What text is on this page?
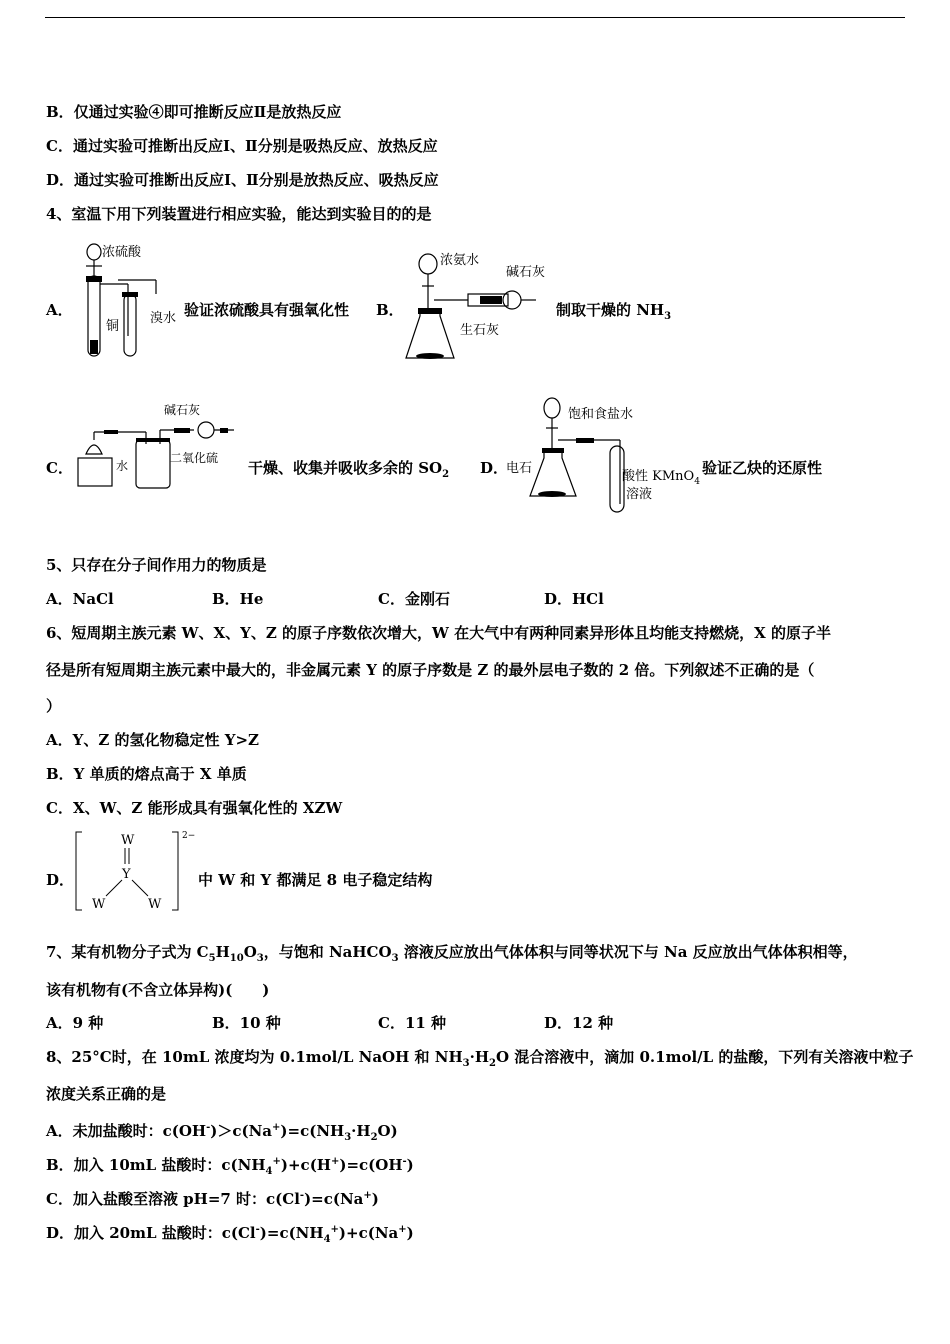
B．仅通过实验④即可推断反应Ⅱ是放热反应
C．通过实验可推断出反应Ⅰ、Ⅱ分别是吸热反应、放热反应
D．通过实验可推断出反应Ⅰ、Ⅱ分别是放热反应、吸热反应
4、室温下用下列装置进行相应实验，能达到实验目的的是
A．
浓硫酸
铜
溴水 验证浓硫酸具有强氧化性 B．
浓氨水
碱石灰
生石灰
制取干燥的 $NH_3$
C．	水
二氧化硫
碱石灰
干燥、收集并吸收多余的 $SO_2$ D．
饱和食盐水
电石
酸性 KMnO$_4$
溶液
验证乙炔的还原性
5、只存在分子间作用力的物质是
A．NaCl	B．He	C．金刚石	D．HCl
6、短周期主族元素 W、X、Y、Z 的原子序数依次增大，W 在大气中有两种同素异形体且均能支持燃烧，X 的原子半
径是所有短周期主族元素中最大的，非金属元素 Y 的原子序数是 Z 的最外层电子数的 2 倍。下列叙述不正确的是（
）
A．Y、Z 的氢化物稳定性 Y>Z
B．Y 单质的熔点高于 X 单质
C．X、W、Z 能形成具有强氧化性的 XZW
D．
W
Y
W	W
2−
中 W 和 Y 都满足 8 电子稳定结构
7、某有机物分子式为 $C_5H_{10}O_3$，与饱和 NaHCO$_3$ 溶液反应放出气体体积与同等状况下与 Na 反应放出气体体积相等，
该有机物有(不含立体异构)(　　)
A．9 种	B．10 种	C．11 种	D．12 种
8、25°C时，在 10mL 浓度均为 0.1mol/L NaOH 和 $NH_3\cdot H_2O$ 混合溶液中，滴加 0.1mol/L 的盐酸，下列有关溶液中粒子
浓度关系正确的是
A．未加盐酸时：$c(OH^-)>c(Na^+)=c(NH_3\cdot H_2O)$
B．加入 10mL 盐酸时：$c(NH_4^+)+c(H^+)=c(OH^-)$
C．加入盐酸至溶液 pH=7 时：c(Cl-)=c(Na+)
D．加入 20mL 盐酸时：$c(Cl^-)=c(NH_4^+)+c(Na^+)$
